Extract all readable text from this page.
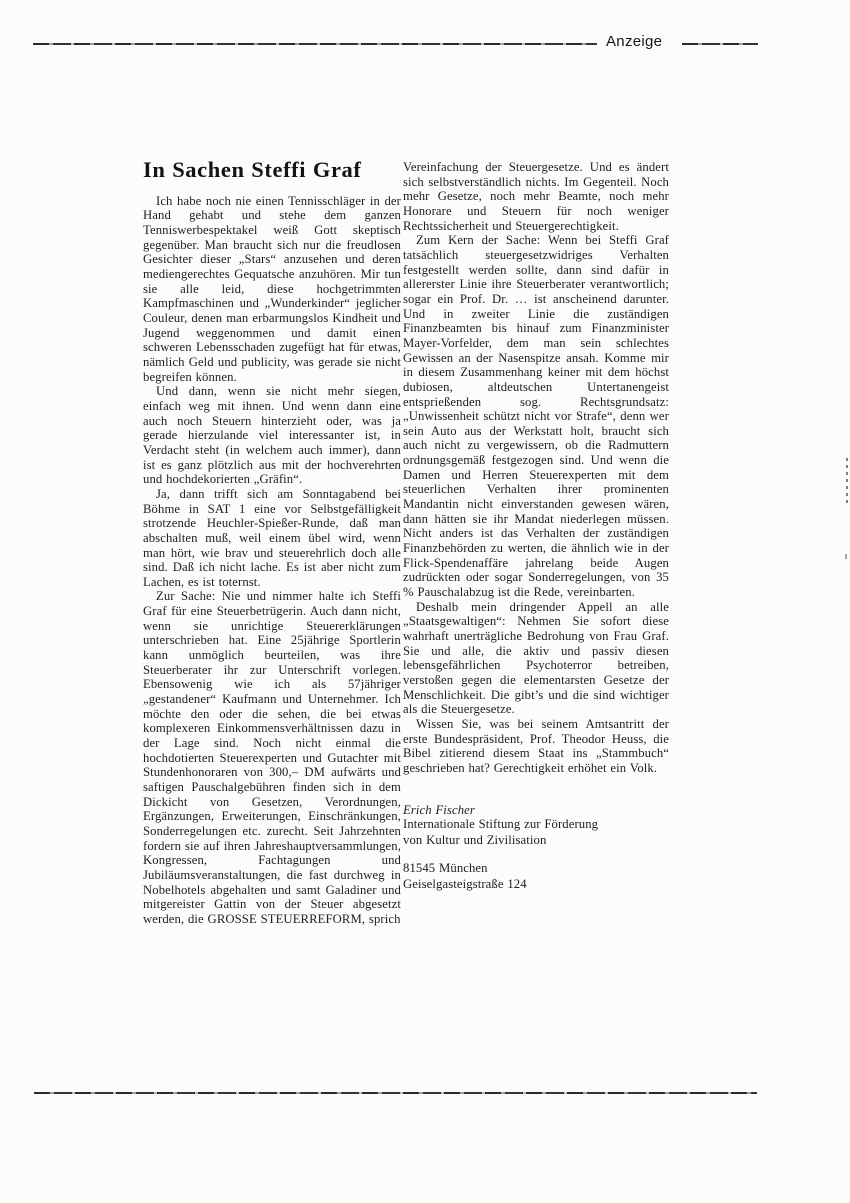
Anzeige
In Sachen Steffi Graf

Ich habe noch nie einen Tennisschläger in der Hand gehabt und stehe dem ganzen Tenniswerbespektakel weiß Gott skeptisch gegenüber. Man braucht sich nur die freudlosen Gesichter dieser „Stars“ anzusehen und deren mediengerechtes Gequatsche anzuhören. Mir tun sie alle leid, diese hochgetrimmten Kampfmaschinen und „Wunderkinder“ jeglicher Couleur, denen man erbarmungslos Kindheit und Jugend weggenommen und damit einen schweren Lebensschaden zugefügt hat für etwas, nämlich Geld und publicity, was gerade sie nicht begreifen können.

Und dann, wenn sie nicht mehr siegen, einfach weg mit ihnen. Und wenn dann eine auch noch Steuern hinterzieht oder, was ja gerade hierzulande viel interessanter ist, in Verdacht steht (in welchem auch immer), dann ist es ganz plötzlich aus mit der hochverehrten und hochdekorierten „Gräfin“.

Ja, dann trifft sich am Sonntagabend bei Böhme in SAT 1 eine vor Selbstgefälligkeit strotzende Heuchler-Spießer-Runde, daß man abschalten muß, weil einem übel wird, wenn man hört, wie brav und steuerehrlich doch alle sind. Daß ich nicht lache. Es ist aber nicht zum Lachen, es ist toternst.

Zur Sache: Nie und nimmer halte ich Steffi Graf für eine Steuerbetrügerin. Auch dann nicht, wenn sie unrichtige Steuererklärungen unterschrieben hat. Eine 25jährige Sportlerin kann unmöglich beurteilen, was ihre Steuerberater ihr zur Unterschrift vorlegen. Ebensowenig wie ich als 57jähriger „gestandener“ Kaufmann und Unternehmer. Ich möchte den oder die sehen, die bei etwas komplexeren Einkommensverhältnissen dazu in der Lage sind. Noch nicht einmal die hochdotierten Steuerexperten und Gutachter mit Stundenhonoraren von 300,– DM aufwärts und saftigen Pauschalgebühren finden sich in dem Dickicht von Gesetzen, Verordnungen, Ergänzungen, Erweiterungen, Einschränkungen, Sonderregelungen etc. zurecht. Seit Jahrzehnten fordern sie auf ihren Jahreshauptversammlungen, Kongressen, Fachtagungen und Jubiläumsveranstaltungen, die fast durchweg in Nobelhotels abgehalten und samt Galadiner und mitgereister Gattin von der Steuer abgesetzt werden, die GROSSE STEUERREFORM, sprich

Vereinfachung der Steuergesetze. Und es ändert sich selbstverständlich nichts. Im Gegenteil. Noch mehr Gesetze, noch mehr Beamte, noch mehr Honorare und Steuern für noch weniger Rechtssicherheit und Steuergerechtigkeit.

Zum Kern der Sache: Wenn bei Steffi Graf tatsächlich steuergesetzwidriges Verhalten festgestellt werden sollte, dann sind dafür in allererster Linie ihre Steuerberater verantwortlich; sogar ein Prof. Dr. … ist anscheinend darunter. Und in zweiter Linie die zuständigen Finanzbeamten bis hinauf zum Finanzminister Mayer-Vorfelder, dem man sein schlechtes Gewissen an der Nasenspitze ansah. Komme mir in diesem Zusammenhang keiner mit dem höchst dubiosen, altdeutschen Untertanengeist entsprießenden sog. Rechtsgrundsatz: „Unwissenheit schützt nicht vor Strafe“, denn wer sein Auto aus der Werkstatt holt, braucht sich auch nicht zu vergewissern, ob die Radmuttern ordnungsgemäß festgezogen sind. Und wenn die Damen und Herren Steuerexperten mit dem steuerlichen Verhalten ihrer prominenten Mandantin nicht einverstanden gewesen wären, dann hätten sie ihr Mandat niederlegen müssen. Nicht anders ist das Verhalten der zuständigen Finanzbehörden zu werten, die ähnlich wie in der Flick-Spendenaffäre jahrelang beide Augen zudrückten oder sogar Sonderregelungen, von 35 % Pauschalabzug ist die Rede, vereinbarten.

Deshalb mein dringender Appell an alle „Staatsgewaltigen“: Nehmen Sie sofort diese wahrhaft unerträgliche Bedrohung von Frau Graf. Sie und alle, die aktiv und passiv diesen lebensgefährlichen Psychoterror betreiben, verstoßen gegen die elementarsten Gesetze der Menschlichkeit. Die gibt’s und die sind wichtiger als die Steuergesetze.

Wissen Sie, was bei seinem Amtsantritt der erste Bundespräsident, Prof. Theodor Heuss, die Bibel zitierend diesem Staat ins „Stammbuch“ geschrieben hat? Gerechtigkeit erhöhet ein Volk.

Erich Fischer

Internationale Stiftung zur Förderung

von Kultur und Zivilisation

81545 München

Geiselgasteigstraße 124
